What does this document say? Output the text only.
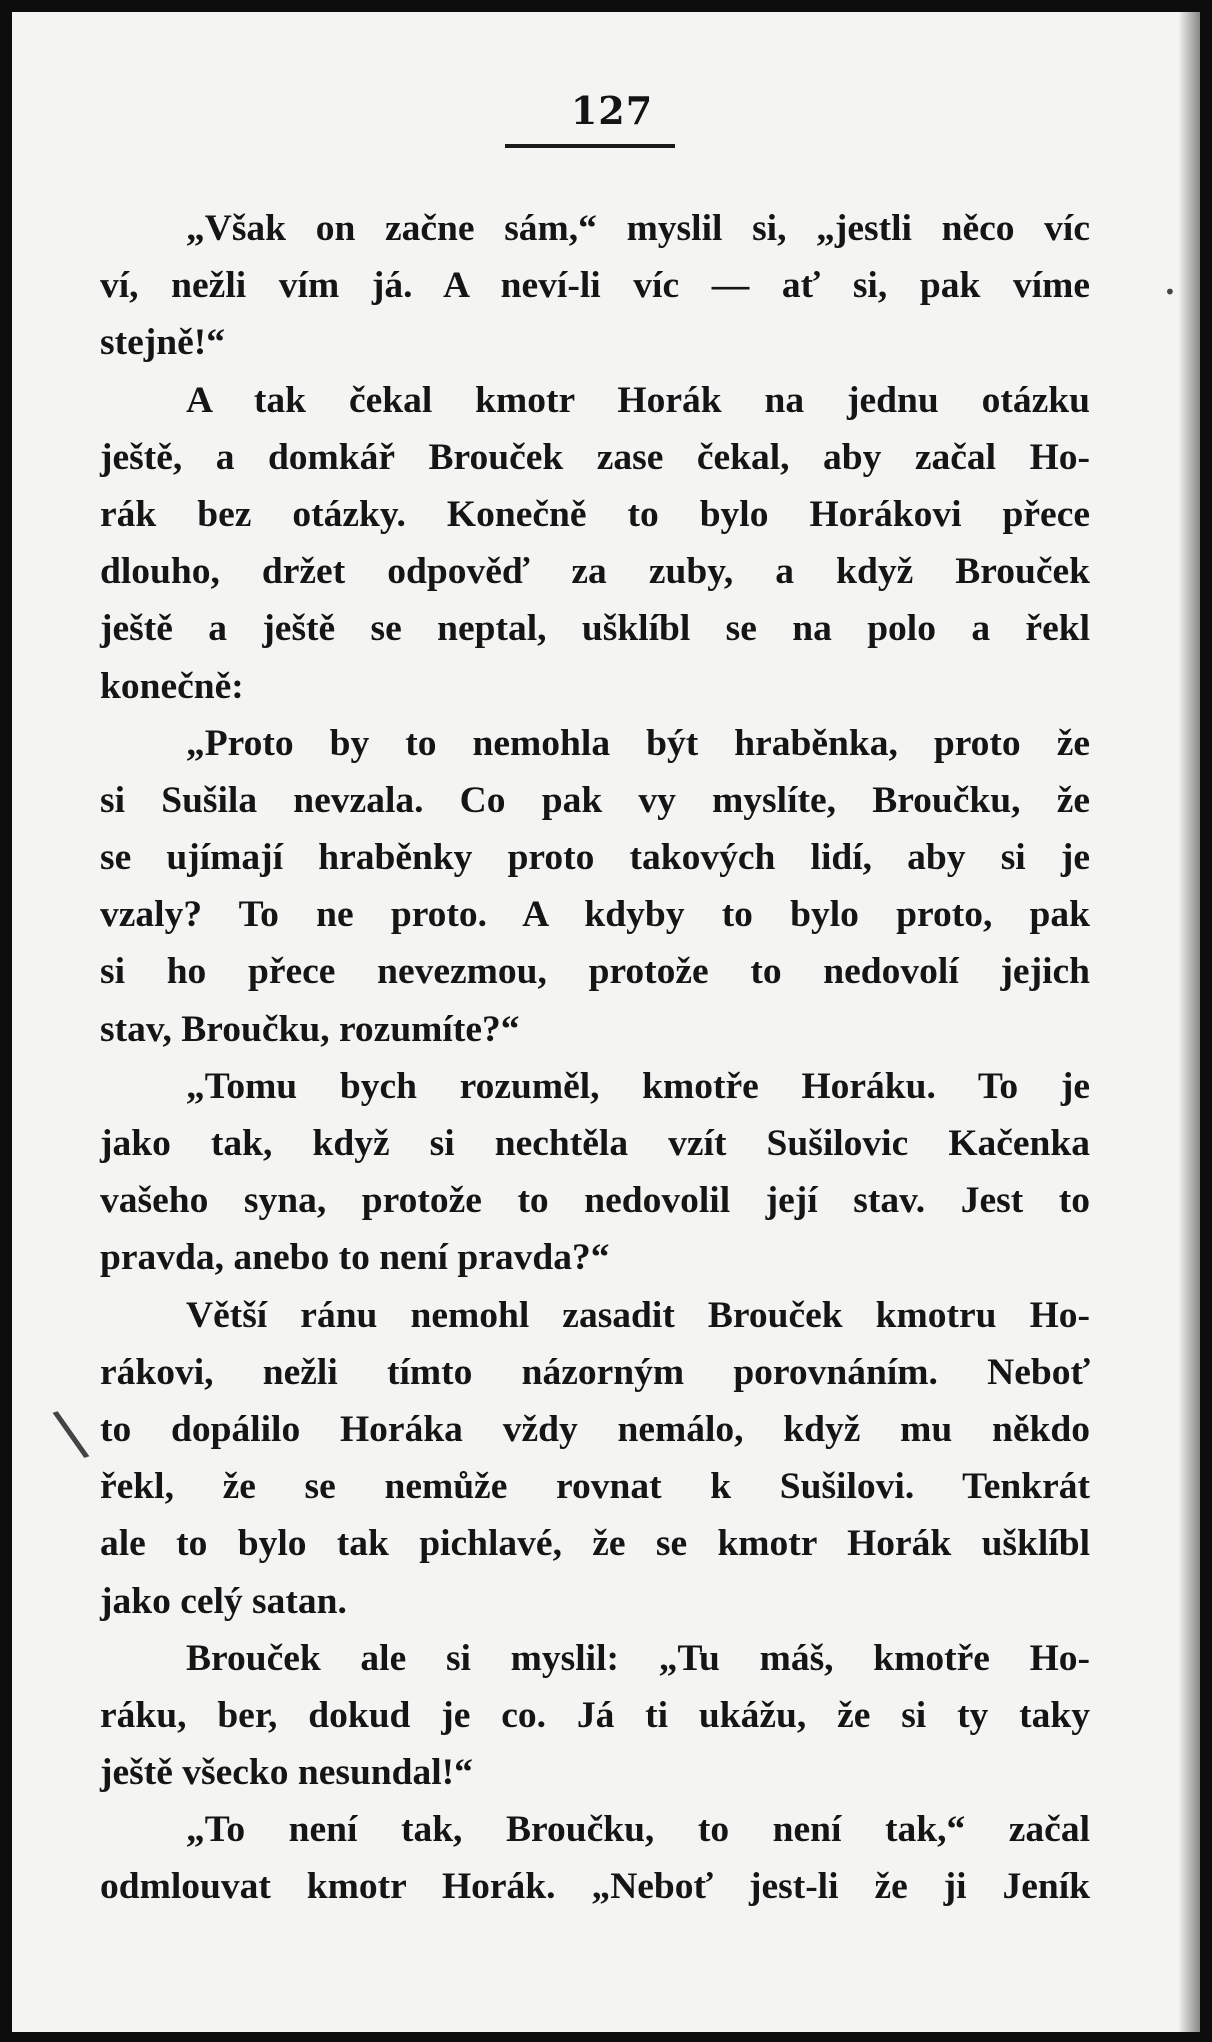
127
„Však on začne sám,“ myslil si, „jestli něco víc
ví, nežli vím já. A neví-li víc — ať si, pak víme
stejně!“
A tak čekal kmotr Horák na jednu otázku
ještě, a domkář Brouček zase čekal, aby začal Ho-
rák bez otázky. Konečně to bylo Horákovi přece
dlouho, držet odpověď za zuby, a když Brouček
ještě a ještě se neptal, ušklíbl se na polo a řekl
konečně:
„Proto by to nemohla být hraběnka, proto že
si Sušila nevzala. Co pak vy myslíte, Broučku, že
se ujímají hraběnky proto takových lidí, aby si je
vzaly? To ne proto. A kdyby to bylo proto, pak
si ho přece nevezmou, protože to nedovolí jejich
stav, Broučku, rozumíte?“
„Tomu bych rozuměl, kmotře Horáku. To je
jako tak, když si nechtěla vzít Sušilovic Kačenka
vašeho syna, protože to nedovolil její stav. Jest to
pravda, anebo to není pravda?“
Větší ránu nemohl zasadit Brouček kmotru Ho-
rákovi, nežli tímto názorným porovnáním. Neboť
to dopálilo Horáka vždy nemálo, když mu někdo
řekl, že se nemůže rovnat k Sušilovi. Tenkrát
ale to bylo tak pichlavé, že se kmotr Horák ušklíbl
jako celý satan.
Brouček ale si myslil: „Tu máš, kmotře Ho-
ráku, ber, dokud je co. Já ti ukážu, že si ty taky
ještě všecko nesundal!“
„To není tak, Broučku, to není tak,“ začal
odmlouvat kmotr Horák. „Neboť jest-li že ji Jeník
•
\
